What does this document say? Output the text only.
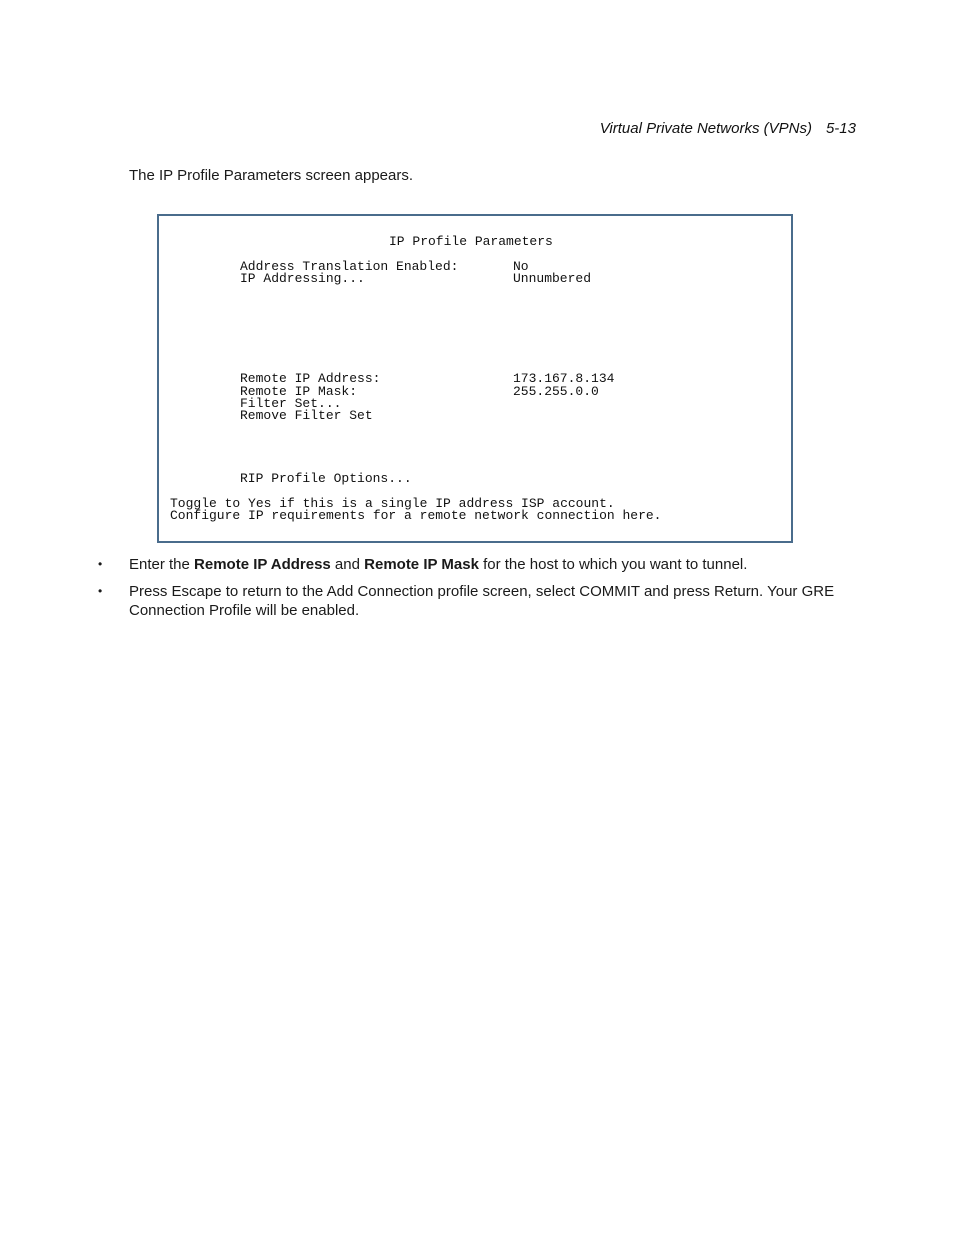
Virtual Private Networks (VPNs) 5-13
The IP Profile Parameters screen appears.
IP Profile Parameters
Address Translation Enabled:	No
IP Addressing...	Unnumbered
Remote IP Address:	173.167.8.134
Remote IP Mask:	255.255.0.0
Filter Set...
Remove Filter Set
RIP Profile Options...
Toggle to Yes if this is a single IP address ISP account.
Configure IP requirements for a remote network connection here.
• Enter the Remote IP Address and Remote IP Mask for the host to which you want to tunnel.
• Press Escape to return to the Add Connection profile screen, select COMMIT and press Return. Your GRE Connection Profile will be enabled.
